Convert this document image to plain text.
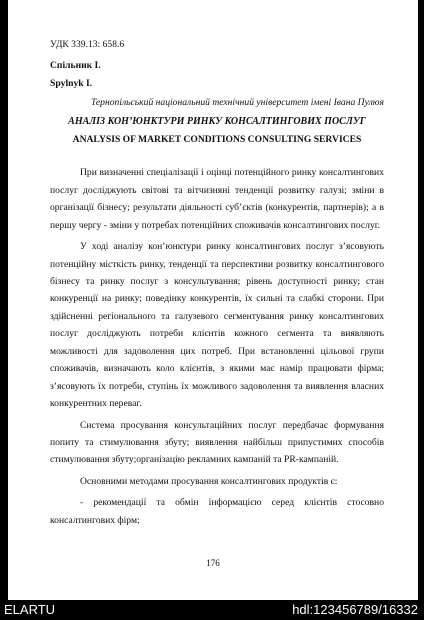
УДК 339.13: 658.6
Спільник І.
Spylnyk I.
Тернопільський національний технічний університет імені Івана Пулюя
АНАЛІЗ КОН’ЮНКТУРИ РИНКУ КОНСАЛТИНГОВИХ ПОСЛУГ
ANALYSIS OF MARKET CONDITIONS CONSULTING SERVICES

При визначенні спеціалізації і оцінці потенційного ринку консалтингових послуг досліджують світові та вітчизняні тенденції розвитку галузі; зміни в організації бізнесу; результати діяльності суб’єктів (конкурентів, партнерів); а в першу чергу - зміни у потребах потенційних споживачів консалтингових послуг.

У ході аналізу кон’юнктури ринку консалтингових послуг з’ясовують потенційну місткість ринку, тенденції та перспективи розвитку консалтингового бізнесу та ринку послуг з консультування; рівень доступності ринку; стан конкуренції на ринку; поведінку конкурентів, їх сильні та слабкі сторони. При здійсненні регіонального та галузевого сегментування ринку консалтингових послуг досліджують потреби клієнтів кожного сегмента та виявляють можливості для задоволення цих потреб. При встановленні цільової групи споживачів, визначають коло клієнтів, з якими має намір працювати фірма; з’ясовують їх потреби, ступінь їх можливого задоволення та виявлення власних конкурентних переваг.

Система просування консультаційних послуг передбачає формування попиту та стимулювання збуту; виявлення найбільш припустимих способів стимулювання збуту;організацію рекламних кампаній та PR-кампаній.

Основними методами просування консалтингових продуктів є:

- рекомендації та обмін інформацією серед клієнтів стосовно консалтингових фірм;

176
ELARTU	hdl:123456789/16332
